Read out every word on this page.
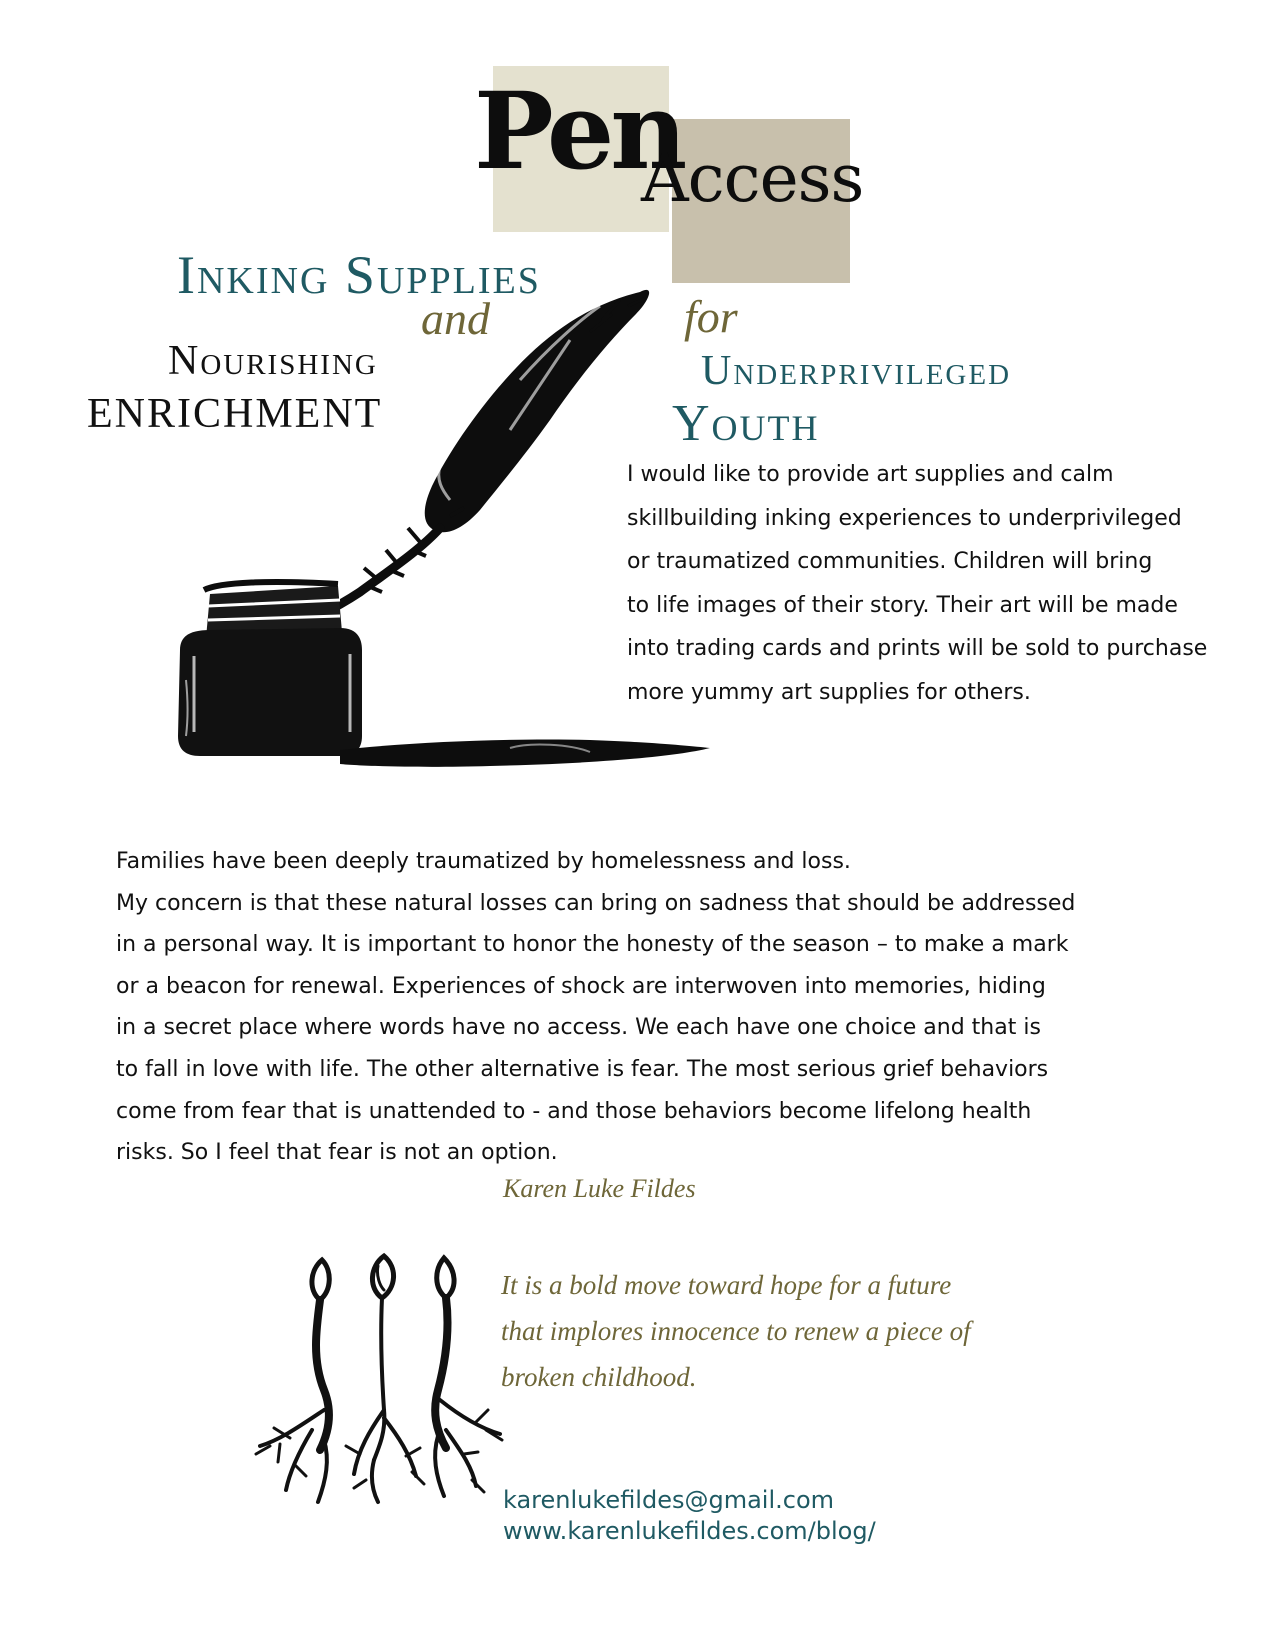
Pen
Access
Inking Supplies
and
Nourishing
ENRICHMENT
for
Underprivileged
Youth

I would like to provide art supplies and calm
skillbuilding inking experiences to underprivileged
or traumatized communities. Children will bring
to life images of their story. Their art will be made
into trading cards and prints will be sold to purchase
more yummy art supplies for others.

Families have been deeply traumatized by homelessness and loss.
My concern is that these natural losses can bring on sadness that should be addressed
in a personal way. It is important to honor the honesty of the season – to make a mark
or a beacon for renewal. Experiences of shock are interwoven into memories, hiding
in a secret place where words have no access. We each have one choice and that is
to fall in love with life. The other alternative is fear. The most serious grief behaviors
come from fear that is unattended to - and those behaviors become lifelong health
risks. So I feel that fear is not an option.

Karen Luke Fildes

It is a bold move toward hope for a future
that implores innocence to renew a piece of
broken childhood.

karenlukefildes@gmail.com
www.karenlukefildes.com/blog/
